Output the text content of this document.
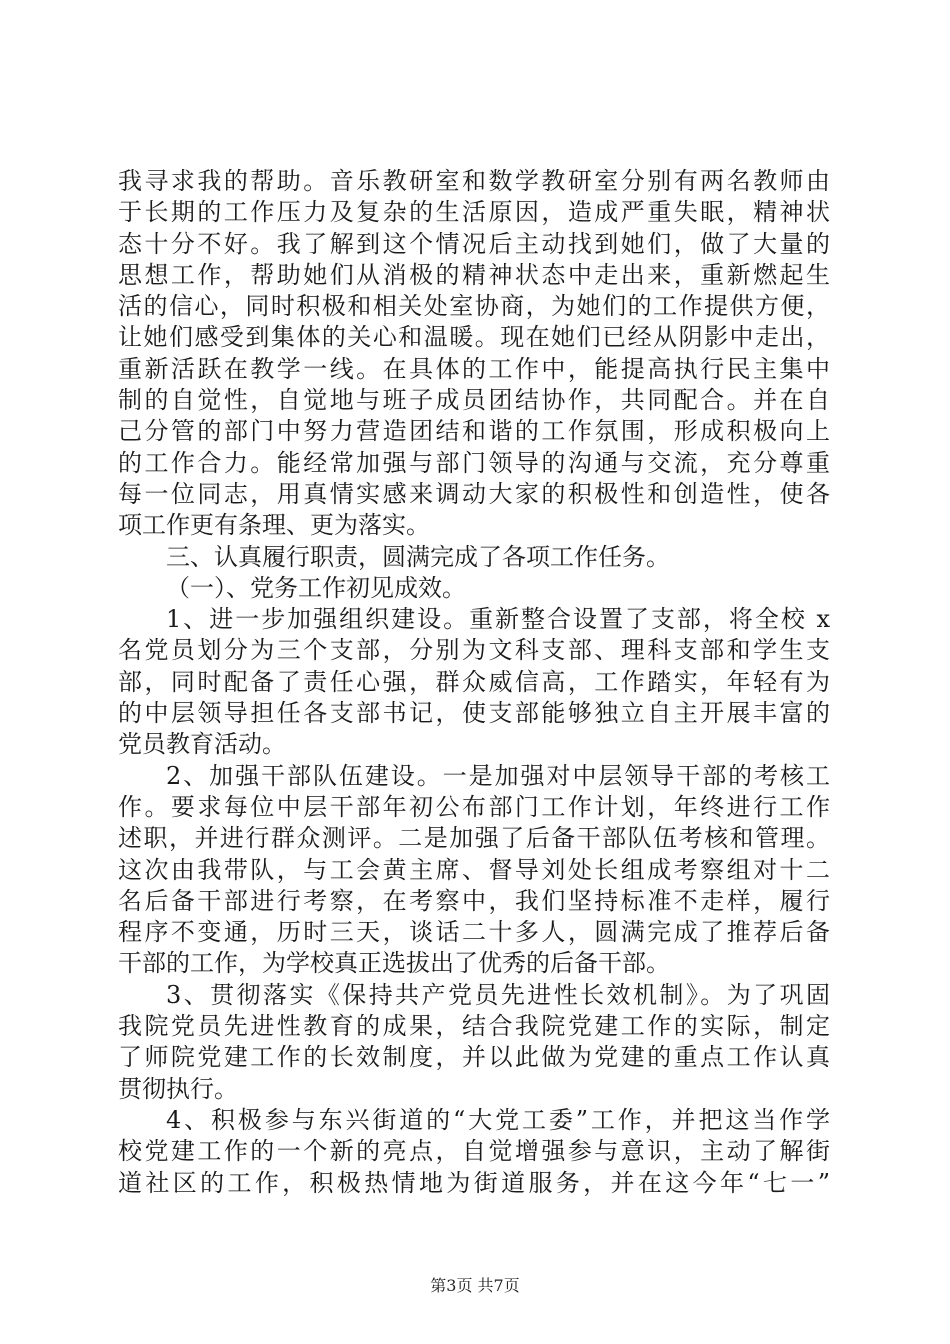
我寻求我的帮助。音乐教研室和数学教研室分别有两名教师由
于长期的工作压力及复杂的生活原因，造成严重失眠，精神状
态十分不好。我了解到这个情况后主动找到她们，做了大量的
思想工作，帮助她们从消极的精神状态中走出来，重新燃起生
活的信心，同时积极和相关处室协商，为她们的工作提供方便，
让她们感受到集体的关心和温暖。现在她们已经从阴影中走出，
重新活跃在教学一线。在具体的工作中，能提高执行民主集中
制的自觉性，自觉地与班子成员团结协作，共同配合。并在自
己分管的部门中努力营造团结和谐的工作氛围，形成积极向上
的工作合力。能经常加强与部门领导的沟通与交流，充分尊重
每一位同志，用真情实感来调动大家的积极性和创造性，使各
项工作更有条理、更为落实。
三、认真履行职责，圆满完成了各项工作任务。
（一）、党务工作初见成效。
1、进一步加强组织建设。重新整合设置了支部，将全校 x
名党员划分为三个支部，分别为文科支部、理科支部和学生支
部，同时配备了责任心强，群众威信高，工作踏实，年轻有为
的中层领导担任各支部书记，使支部能够独立自主开展丰富的
党员教育活动。
2、加强干部队伍建设。一是加强对中层领导干部的考核工
作。要求每位中层干部年初公布部门工作计划，年终进行工作
述职，并进行群众测评。二是加强了后备干部队伍考核和管理。
这次由我带队，与工会黄主席、督导刘处长组成考察组对十二
名后备干部进行考察，在考察中，我们坚持标准不走样，履行
程序不变通，历时三天，谈话二十多人，圆满完成了推荐后备
干部的工作，为学校真正选拔出了优秀的后备干部。
3、贯彻落实《保持共产党员先进性长效机制》。为了巩固
我院党员先进性教育的成果，结合我院党建工作的实际，制定
了师院党建工作的长效制度，并以此做为党建的重点工作认真
贯彻执行。
4、积极参与东兴街道的“大党工委”工作，并把这当作学
校党建工作的一个新的亮点，自觉增强参与意识，主动了解街
道社区的工作，积极热情地为街道服务，并在这今年“七一”
第3页 共7页
